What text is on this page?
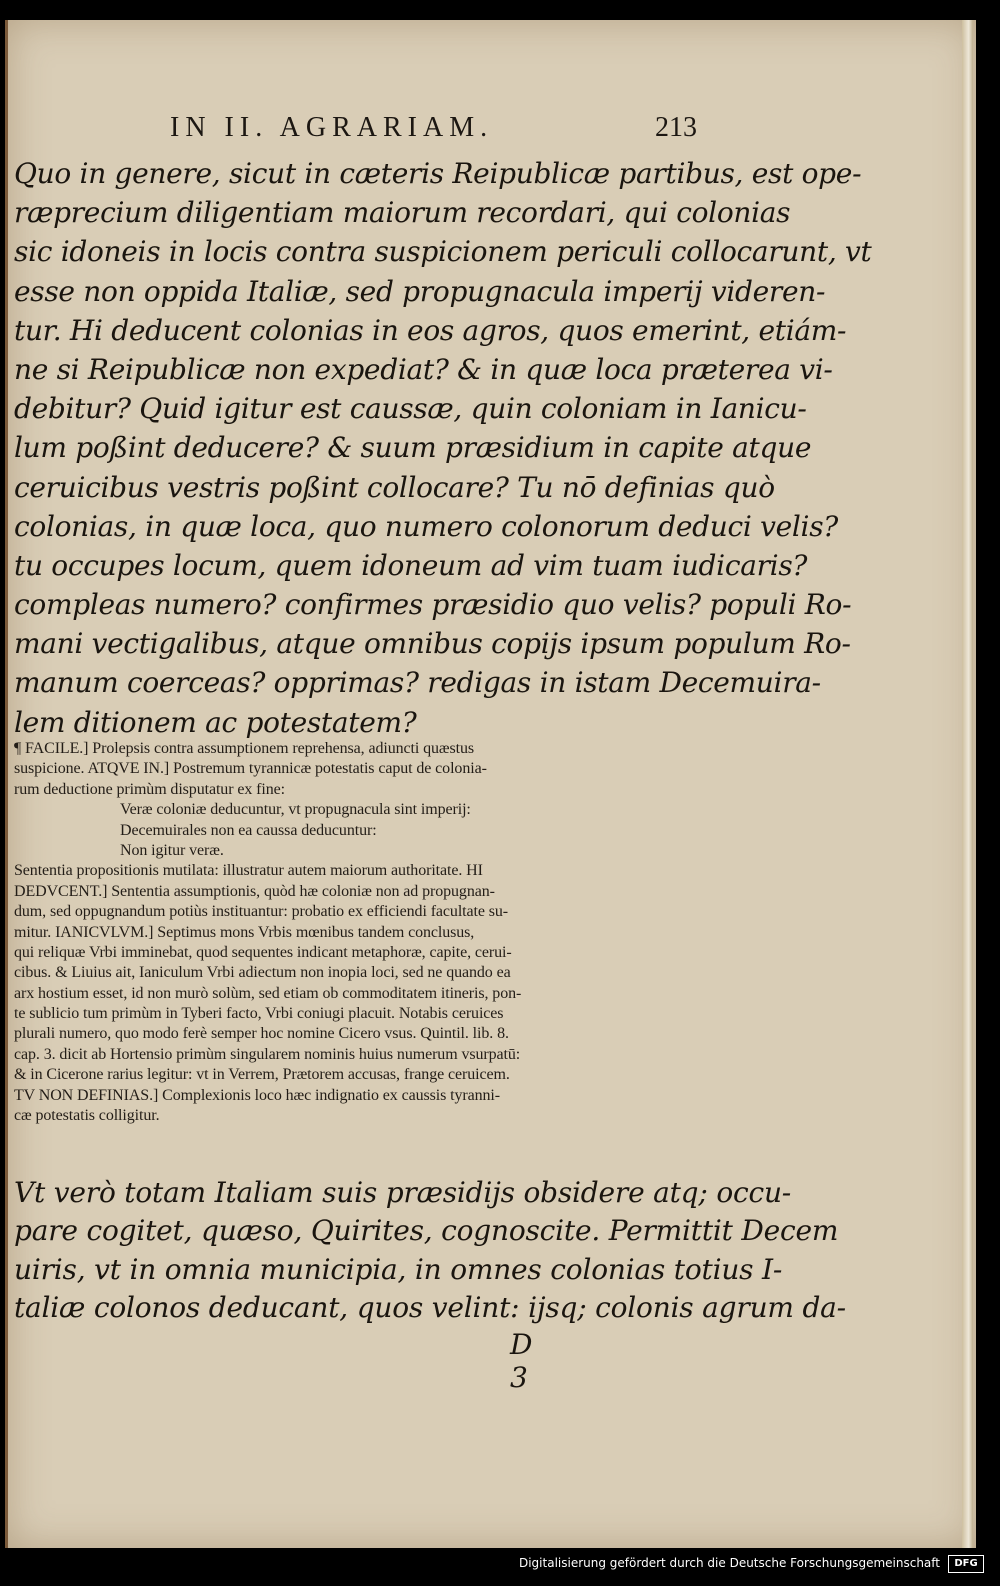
IN II. AGRARIAM.	213
Quo in genere, sicut in cæteris Reipublicæ partibus, est ope-
ræprecium diligentiam maiorum recordari, qui colonias
sic idoneis in locis contra suspicionem periculi collocarunt, vt
esse non oppida Italiæ, sed propugnacula imperij videren-
tur. Hi deducent colonias in eos agros, quos emerint, etiám-
ne si Reipublicæ non expediat? & in quæ loca præterea vi-
debitur? Quid igitur est caussæ, quin coloniam in Ianicu-
lum poßint deducere? & suum præsidium in capite atque
ceruicibus vestris poßint collocare? Tu nō definias quò
colonias, in quæ loca, quo numero colonorum deduci velis?
tu occupes locum, quem idoneum ad vim tuam iudicaris?
compleas numero? confirmes præsidio quo velis? populi Ro-
mani vectigalibus, atque omnibus copijs ipsum populum Ro-
manum coerceas? opprimas? redigas in istam Decemuira-
lem ditionem ac potestatem?
¶ FACILE.] Prolepsis contra assumptionem reprehensa, adiuncti quæstus
suspicione. ATQVE IN.] Postremum tyrannicæ potestatis caput de colonia-
rum deductione primùm disputatur ex fine:
Veræ coloniæ deducuntur, vt propugnacula sint imperij:
Decemuirales non ea caussa deducuntur:
Non igitur veræ.
Sententia propositionis mutilata: illustratur autem maiorum authoritate. HI
DEDVCENT.] Sententia assumptionis, quòd hæ coloniæ non ad propugnan-
dum, sed oppugnandum potiùs instituantur: probatio ex efficiendi facultate su-
mitur. IANICVLVM.] Septimus mons Vrbis mœnibus tandem conclusus,
qui reliquæ Vrbi imminebat, quod sequentes indicant metaphoræ, capite, cerui-
cibus. & Liuius ait, Ianiculum Vrbi adiectum non inopia loci, sed ne quando ea
arx hostium esset, id non murò solùm, sed etiam ob commoditatem itineris, pon-
te sublicio tum primùm in Tyberi facto, Vrbi coniugi placuit. Notabis ceruices
plurali numero, quo modo ferè semper hoc nomine Cicero vsus. Quintil. lib. 8.
cap. 3. dicit ab Hortensio primùm singularem nominis huius numerum vsurpatū:
& in Cicerone rarius legitur: vt in Verrem, Prætorem accusas, frange ceruicem.
TV NON DEFINIAS.] Complexionis loco hæc indignatio ex caussis tyranni-
cæ potestatis colligitur.
Vt verò totam Italiam suis præsidijs obsidere atq; occu-
pare cogitet, quæso, Quirites, cognoscite. Permittit Decem
uiris, vt in omnia municipia, in omnes colonias totius I-
taliæ colonos deducant, quos velint: ijsq; colonis agrum da-
D 3
Digitalisierung gefördert durch die Deutsche Forschungsgemeinschaft	DFG
